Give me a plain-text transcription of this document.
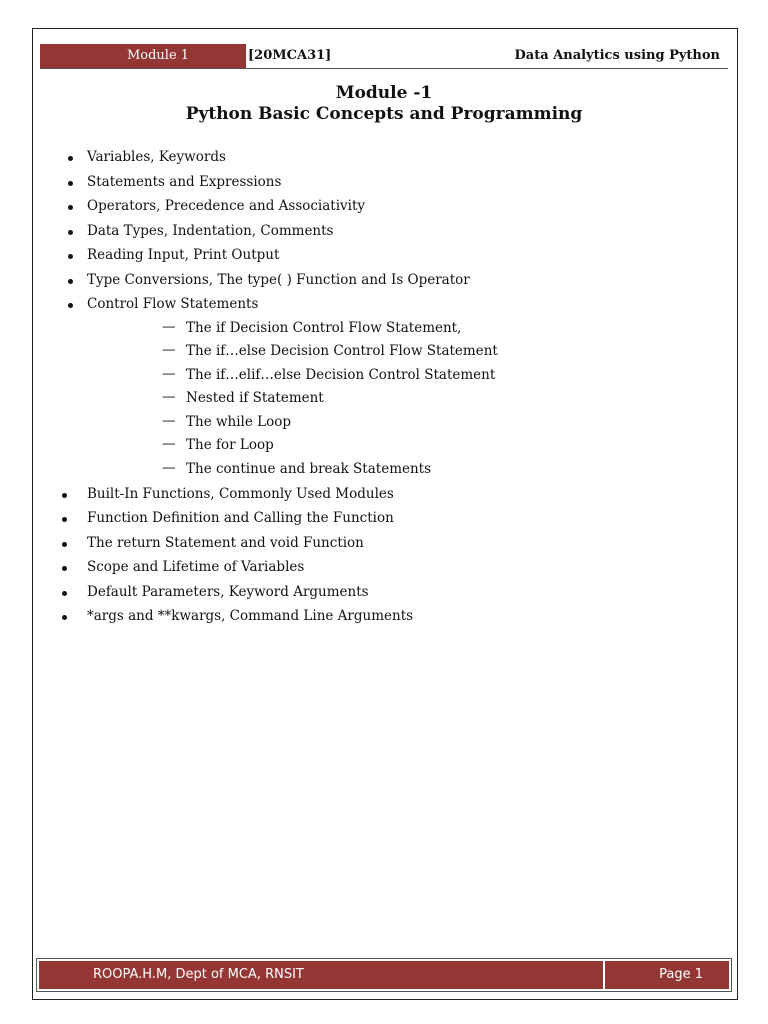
Module 1	[20MCA31]	Data Analytics using Python
Module -1
Python Basic Concepts and Programming
Variables, Keywords
Statements and Expressions
Operators, Precedence and Associativity
Data Types, Indentation, Comments
Reading Input, Print Output
Type Conversions, The type( ) Function and Is Operator
Control Flow Statements
— The if Decision Control Flow Statement,
— The if…else Decision Control Flow Statement
— The if…elif…else Decision Control Statement
— Nested if Statement
— The while Loop
— The for Loop
— The continue and break Statements
Built-In Functions, Commonly Used Modules
Function Definition and Calling the Function
The return Statement and void Function
Scope and Lifetime of Variables
Default Parameters, Keyword Arguments
*args and **kwargs, Command Line Arguments
ROOPA.H.M, Dept of MCA, RNSIT	Page 1
